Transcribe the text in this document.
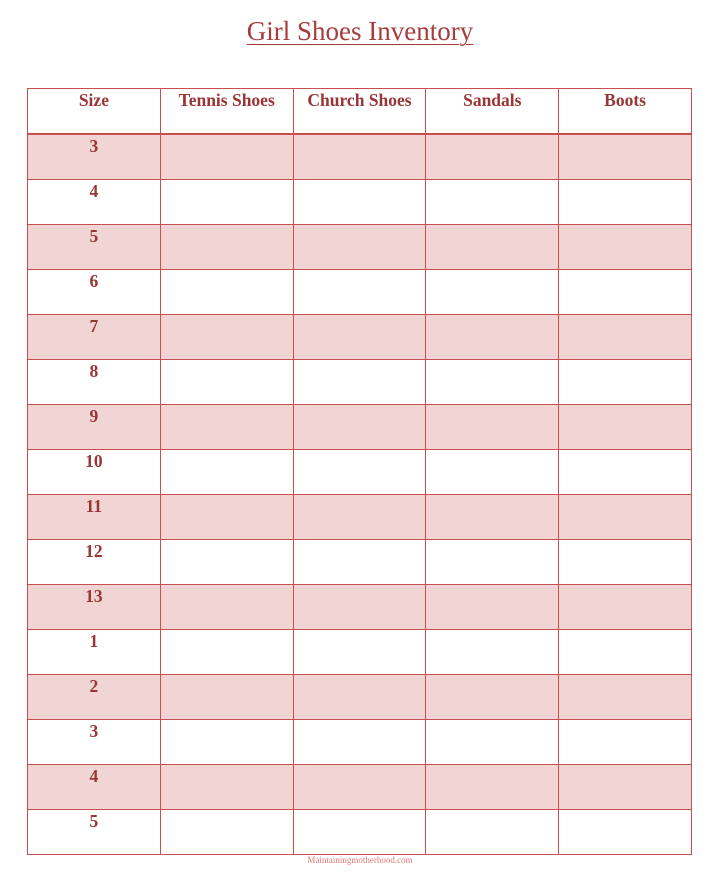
Girl Shoes Inventory
Size	Tennis Shoes	Church Shoes	Sandals	Boots
3				
4				
5				
6				
7				
8				
9				
10				
11				
12				
13				
1				
2				
3				
4				
5				
Maintainingmotherhood.com
